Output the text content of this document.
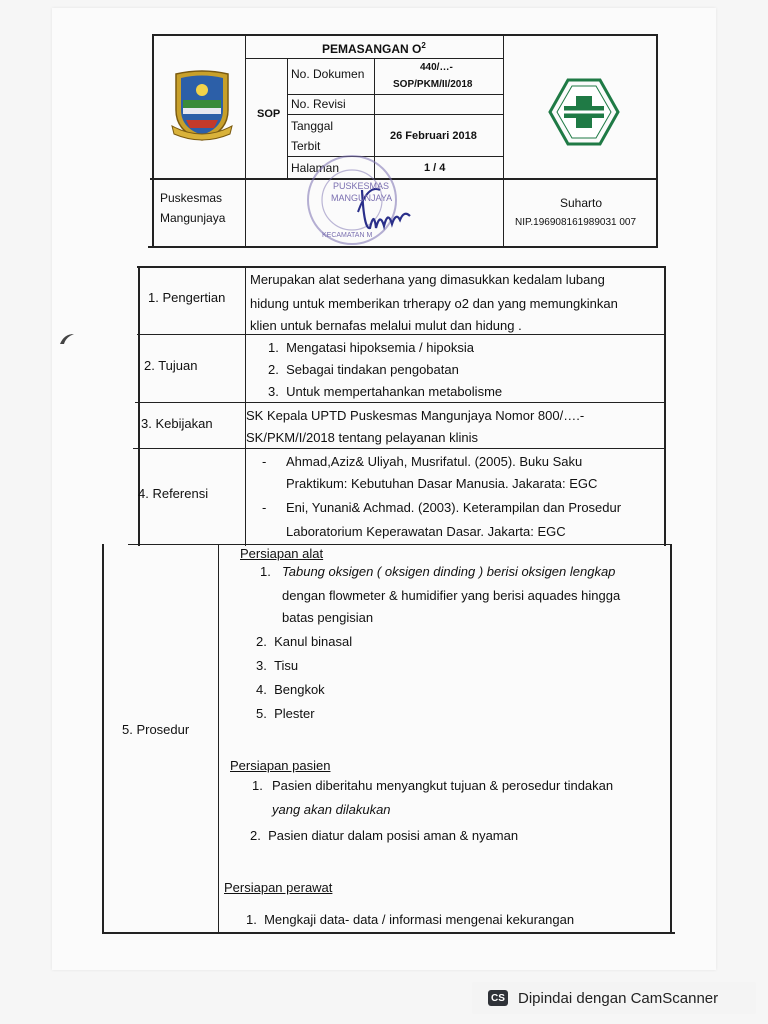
PEMASANGAN $O^2$
SOP
No. Dokumen	440/…-
SOP/PKM/II/2018
No. Revisi
Tanggal
Terbit
26 Februari 2018
Halaman	1 / 4
Puskesmas
Mangunjaya
Suharto
NIP.196908161989031 007
PUSKESMAS
MANGUNJAYA
KECAMATAN M
1. Pengertian
Merupakan alat sederhana yang dimasukkan kedalam lubang
hidung untuk memberikan trherapy o2 dan yang memungkinkan
klien untuk bernafas melalui mulut dan hidung .
2. Tujuan
1. Mengatasi hipoksemia / hipoksia
2. Sebagai tindakan pengobatan
3. Untuk mempertahankan metabolisme
3. Kebijakan
SK Kepala UPTD Puskesmas Mangunjaya Nomor 800/….-
SK/PKM/I/2018 tentang pelayanan klinis
4. Referensi
- Ahmad,Aziz& Uliyah, Musrifatul. (2005). Buku Saku
Praktikum: Kebutuhan Dasar Manusia. Jakarata: EGC
- Eni, Yunani& Achmad. (2003). Keterampilan dan Prosedur
Laboratorium Keperawatan Dasar. Jakarta: EGC
5. Prosedur
Persiapan alat
1. Tabung oksigen ( oksigen dinding ) berisi oksigen lengkap
dengan flowmeter & humidifier yang berisi aquades hingga
batas pengisian
2. Kanul binasal
3. Tisu
4. Bengkok
5. Plester
Persiapan pasien
1. Pasien diberitahu menyangkut tujuan & perosedur tindakan
yang akan dilakukan
2. Pasien diatur dalam posisi aman & nyaman
Persiapan perawat
1. Mengkaji data- data / informasi mengenai kekurangan
CS Dipindai dengan CamScanner
